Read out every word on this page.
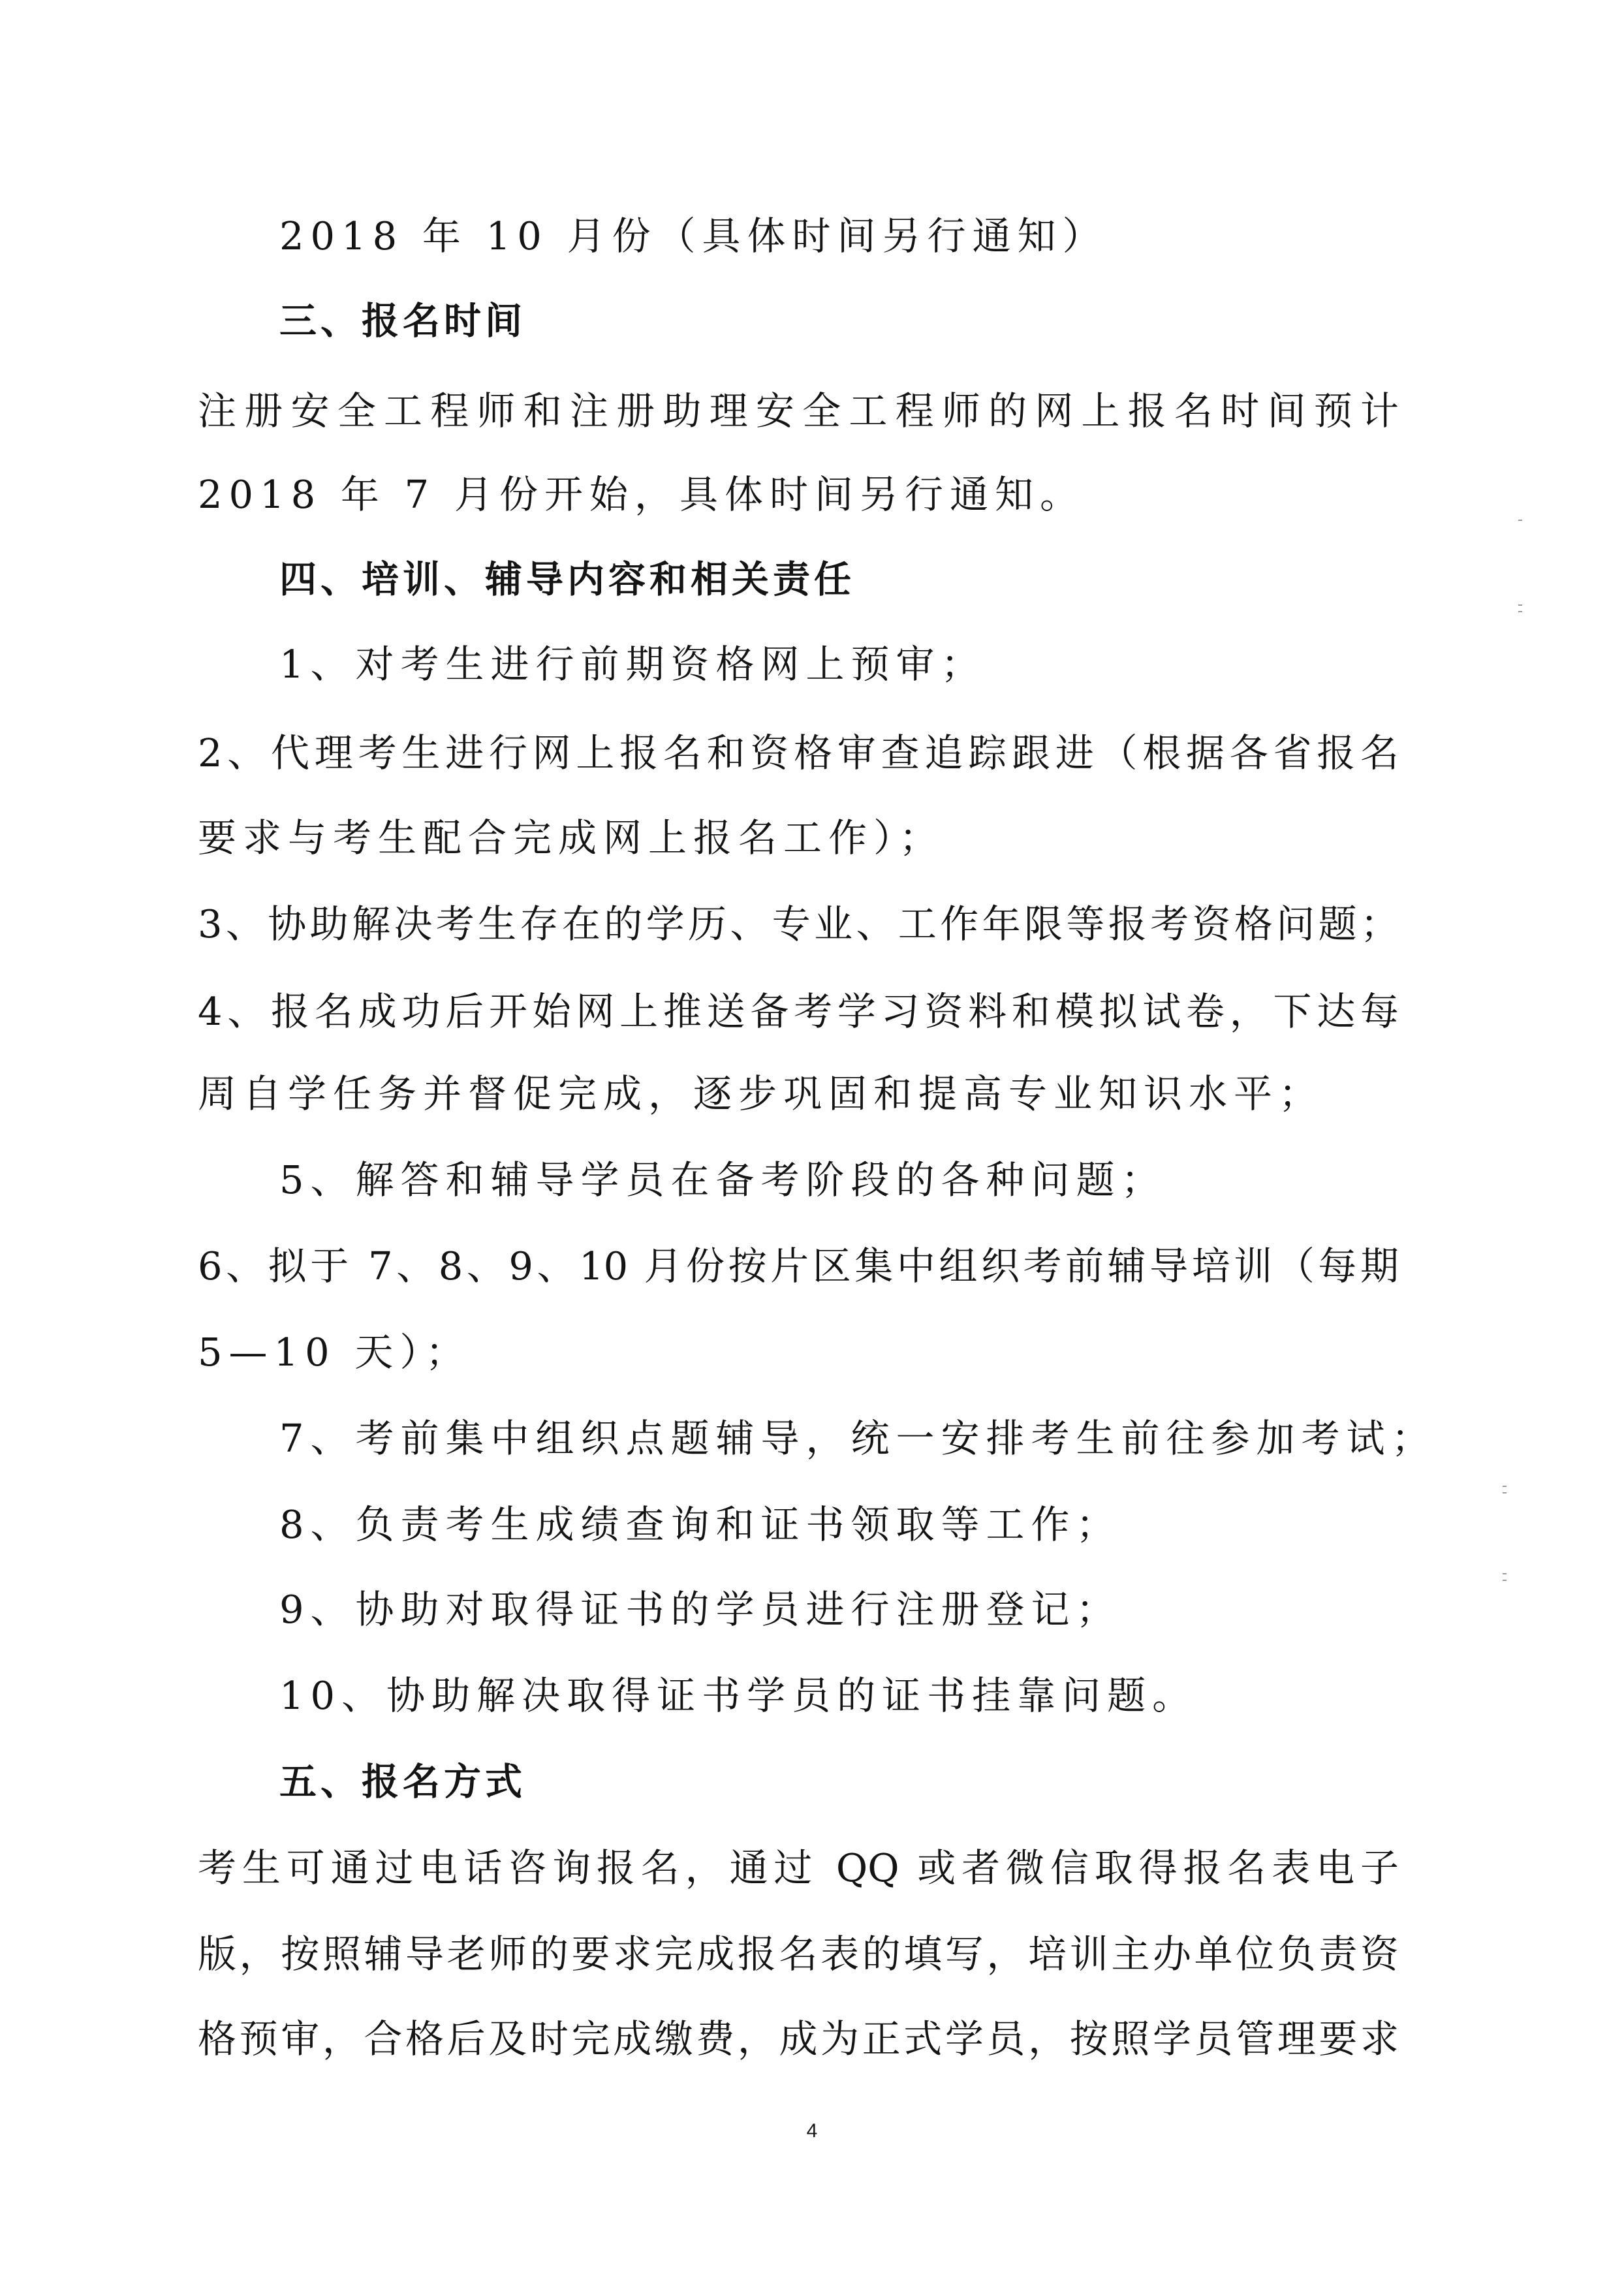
2018 年 10 月份（具体时间另行通知）
三、报名时间
注册安全工程师和注册助理安全工程师的网上报名时间预计
2018 年 7 月份开始，具体时间另行通知。
四、培训、辅导内容和相关责任
1、对考生进行前期资格网上预审；
2、代理考生进行网上报名和资格审查追踪跟进（根据各省报名
要求与考生配合完成网上报名工作）；
3、协助解决考生存在的学历、专业、工作年限等报考资格问题；
4、报名成功后开始网上推送备考学习资料和模拟试卷，下达每
周自学任务并督促完成，逐步巩固和提高专业知识水平；
5、解答和辅导学员在备考阶段的各种问题；
6、拟于 7、8、9、10 月份按片区集中组织考前辅导培训（每期
5—10 天）；
7、考前集中组织点题辅导，统一安排考生前往参加考试；
8、负责考生成绩查询和证书领取等工作；
9、协助对取得证书的学员进行注册登记；
10、协助解决取得证书学员的证书挂靠问题。
五、报名方式
考生可通过电话咨询报名，通过 QQ 或者微信取得报名表电子
版，按照辅导老师的要求完成报名表的填写，培训主办单位负责资
格预审，合格后及时完成缴费，成为正式学员，按照学员管理要求
4
